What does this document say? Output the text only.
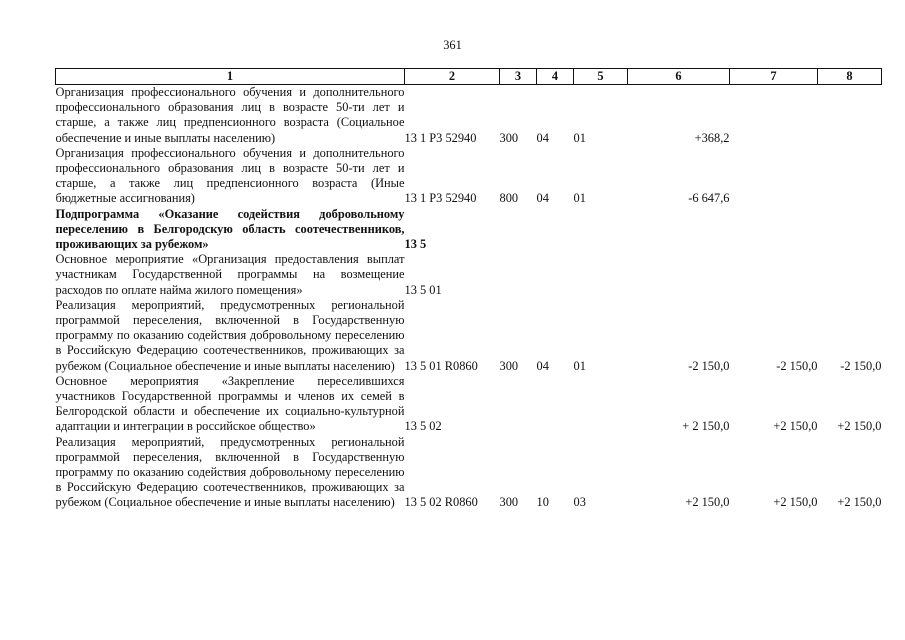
361
1	2	3	4	5	6	7	8
Организация профессионального обучения и дополнительного профессионального образования лиц в возрасте 50-ти лет и старше, а также лиц предпенсионного возраста (Социальное обеспечение и иные выплаты населению)	13 1 P3 52940	300	04	01	+368,2		
Организация профессионального обучения и дополнительного профессионального образования лиц в возрасте 50-ти лет и старше, а также лиц предпенсионного возраста (Иные бюджетные ассигнования)	13 1 P3 52940	800	04	01	-6 647,6		
Подпрограмма «Оказание содействия добровольному переселению в Белгородскую область соотечественников, проживающих за рубежом»	13 5						
Основное мероприятие «Организация предоставления выплат участникам Государственной программы на возмещение расходов по оплате найма жилого помещения»	13 5 01						
Реализация мероприятий, предусмотренных региональной программой переселения, включенной в Государственную программу по оказанию содействия добровольному переселению в Российскую Федерацию соотечественников, проживающих за рубежом (Социальное обеспечение и иные выплаты населению)	13 5 01 R0860	300	04	01	-2 150,0	-2 150,0	-2 150,0
Основное мероприятия «Закрепление переселившихся участников Государственной программы и членов их семей в Белгородской области и обеспечение их социально-культурной адаптации и интеграции в российское общество»	13 5 02				+ 2 150,0	+2 150,0	+2 150,0
Реализация мероприятий, предусмотренных региональной программой переселения, включенной в Государственную программу по оказанию содействия добровольному переселению в Российскую Федерацию соотечественников, проживающих за рубежом (Социальное обеспечение и иные выплаты населению)	13 5 02 R0860	300	10	03	+2 150,0	+2 150,0	+2 150,0
